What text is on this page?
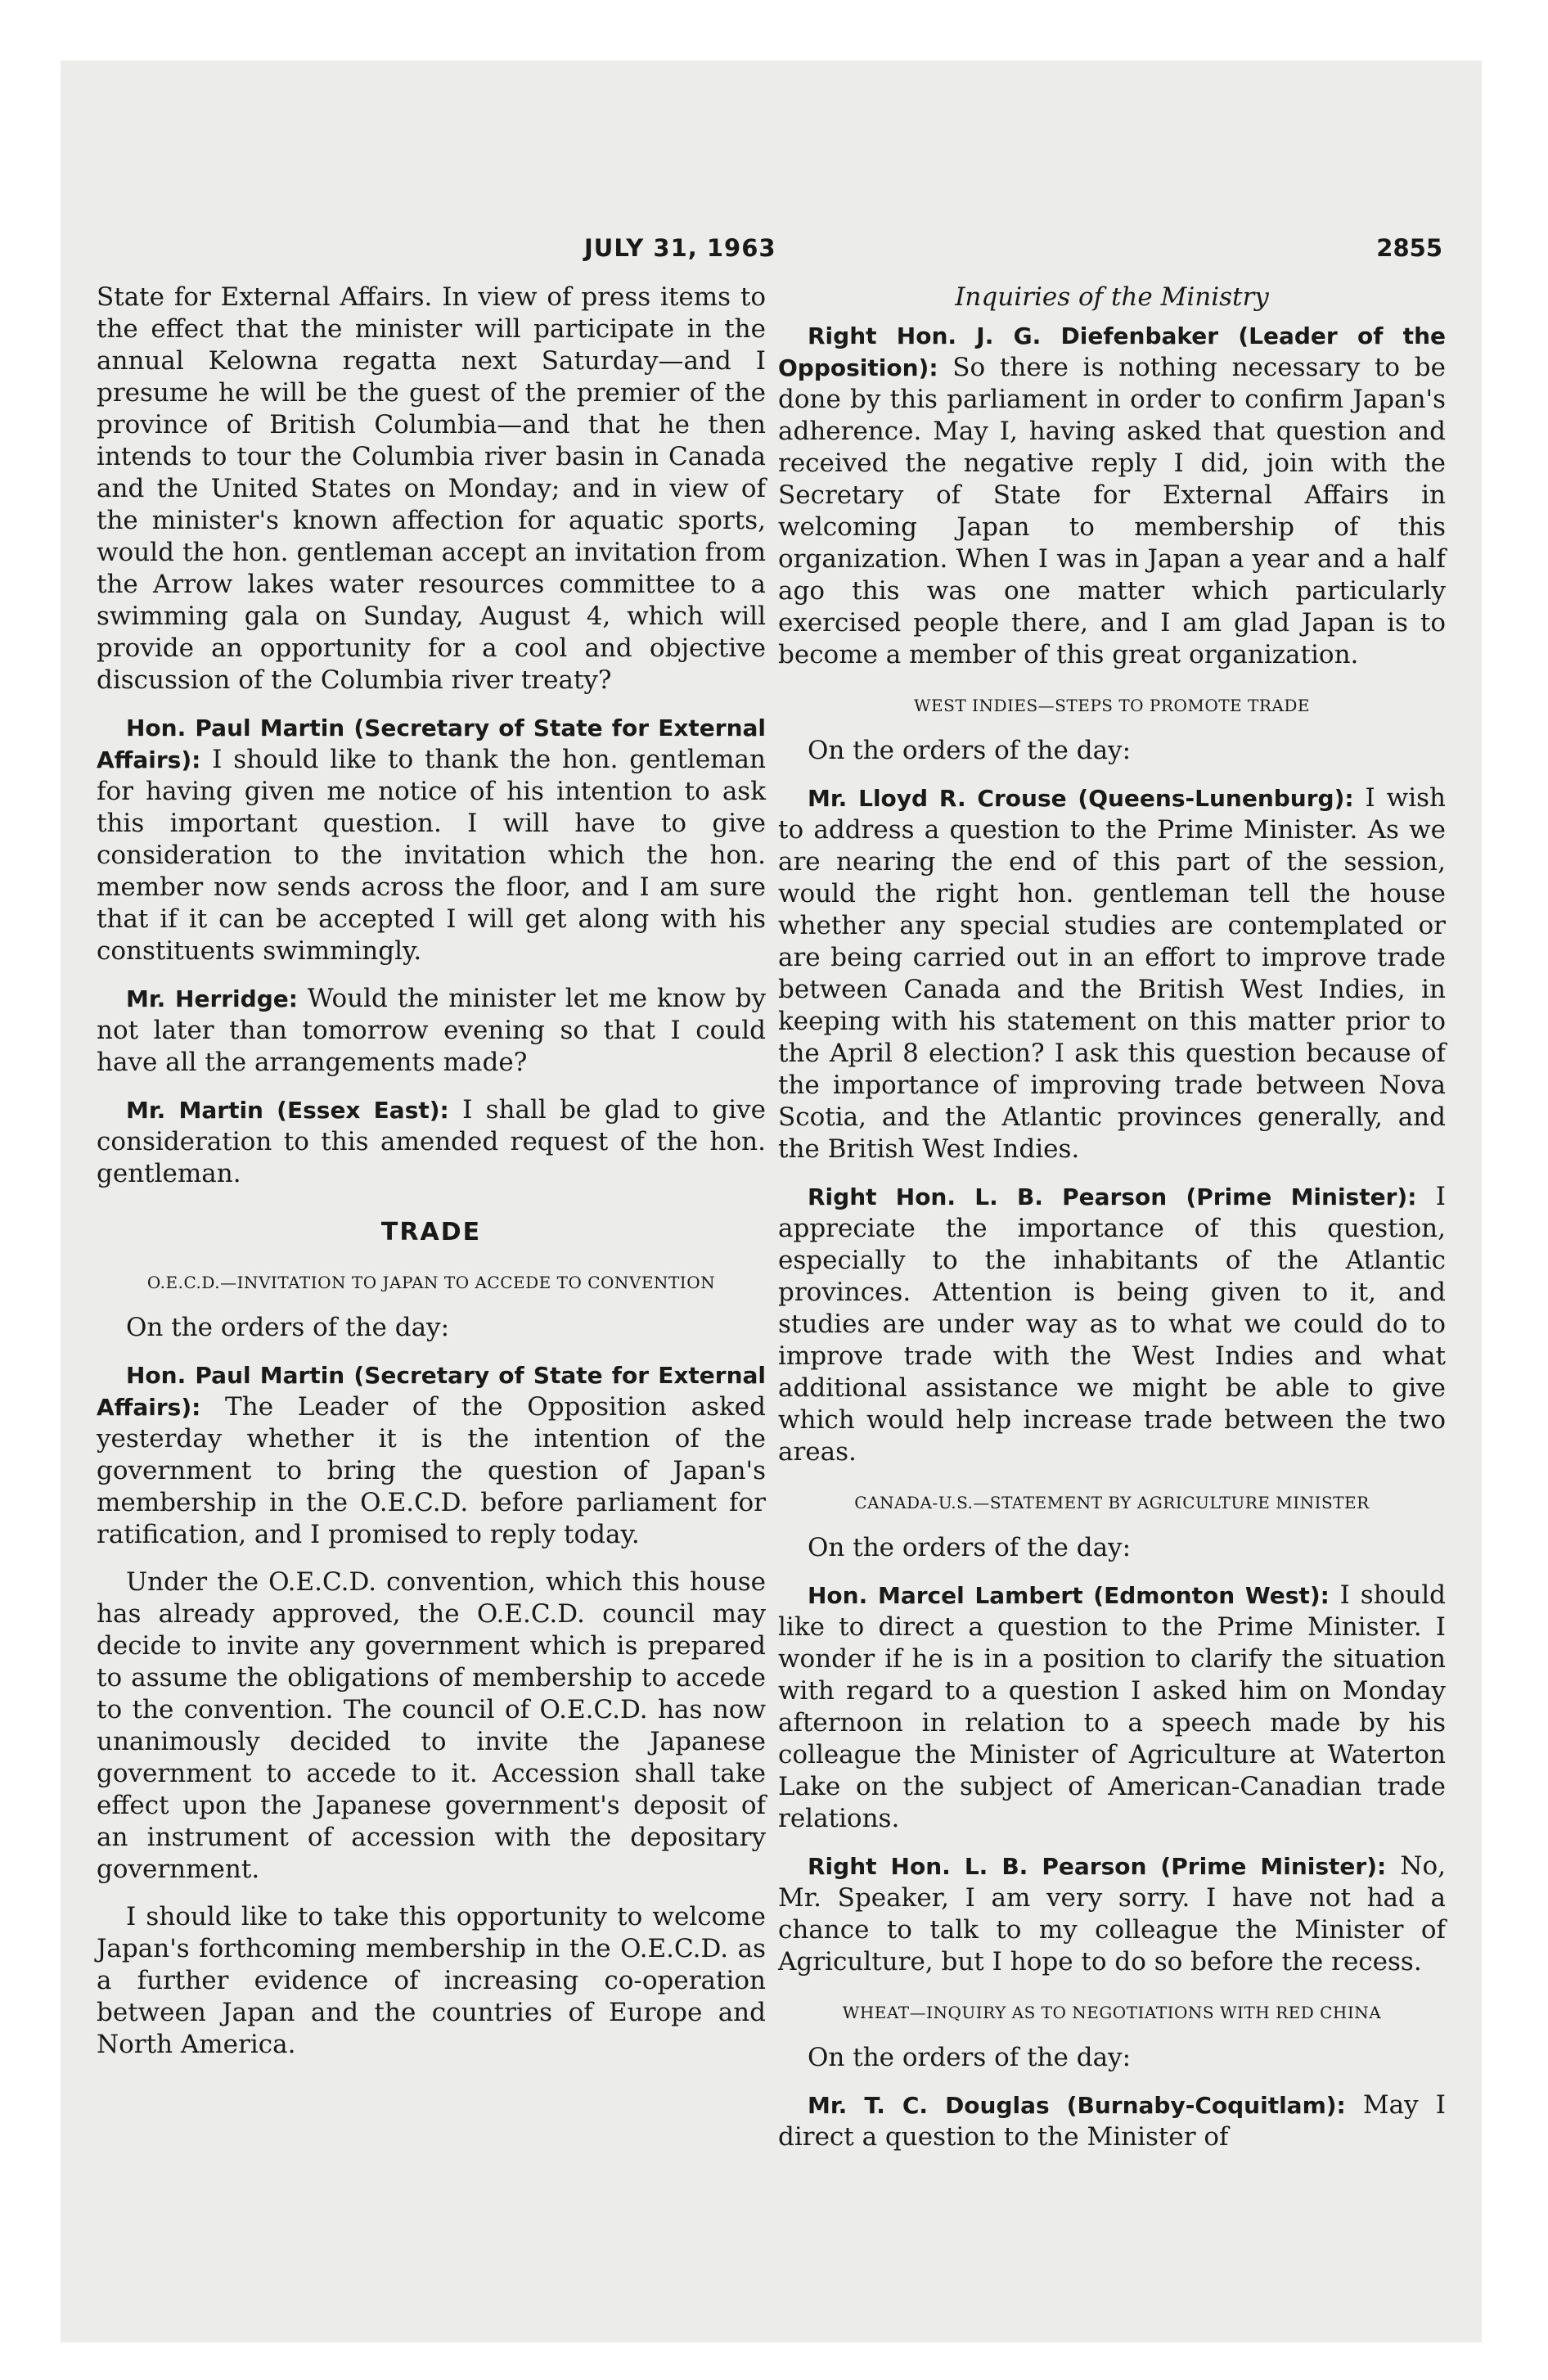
JULY 31, 1963	2855

State for External Affairs. In view of press items to the effect that the minister will participate in the annual Kelowna regatta next Saturday—and I presume he will be the guest of the premier of the province of British Columbia—and that he then intends to tour the Columbia river basin in Canada and the United States on Monday; and in view of the minister's known affection for aquatic sports, would the hon. gentleman accept an invitation from the Arrow lakes water resources committee to a swimming gala on Sunday, August 4, which will provide an opportunity for a cool and objective discussion of the Columbia river treaty?

Hon. Paul Martin (Secretary of State for External Affairs): I should like to thank the hon. gentleman for having given me notice of his intention to ask this important question. I will have to give consideration to the invitation which the hon. member now sends across the floor, and I am sure that if it can be accepted I will get along with his constituents swimmingly.

Mr. Herridge: Would the minister let me know by not later than tomorrow evening so that I could have all the arrangements made?

Mr. Martin (Essex East): I shall be glad to give consideration to this amended request of the hon. gentleman.

TRADE
O.E.C.D.—INVITATION TO JAPAN TO ACCEDE TO CONVENTION

On the orders of the day:

Hon. Paul Martin (Secretary of State for External Affairs): The Leader of the Opposition asked yesterday whether it is the intention of the government to bring the question of Japan's membership in the O.E.C.D. before parliament for ratification, and I promised to reply today.

Under the O.E.C.D. convention, which this house has already approved, the O.E.C.D. council may decide to invite any government which is prepared to assume the obligations of membership to accede to the convention. The council of O.E.C.D. has now unanimously decided to invite the Japanese government to accede to it. Accession shall take effect upon the Japanese government's deposit of an instrument of accession with the depositary government.

I should like to take this opportunity to welcome Japan's forthcoming membership in the O.E.C.D. as a further evidence of increasing co-operation between Japan and the countries of Europe and North America.

Inquiries of the Ministry

Right Hon. J. G. Diefenbaker (Leader of the Opposition): So there is nothing necessary to be done by this parliament in order to confirm Japan's adherence. May I, having asked that question and received the negative reply I did, join with the Secretary of State for External Affairs in welcoming Japan to membership of this organization. When I was in Japan a year and a half ago this was one matter which particularly exercised people there, and I am glad Japan is to become a member of this great organization.

WEST INDIES—STEPS TO PROMOTE TRADE

On the orders of the day:

Mr. Lloyd R. Crouse (Queens-Lunenburg): I wish to address a question to the Prime Minister. As we are nearing the end of this part of the session, would the right hon. gentleman tell the house whether any special studies are contemplated or are being carried out in an effort to improve trade between Canada and the British West Indies, in keeping with his statement on this matter prior to the April 8 election? I ask this question because of the importance of improving trade between Nova Scotia, and the Atlantic provinces generally, and the British West Indies.

Right Hon. L. B. Pearson (Prime Minister): I appreciate the importance of this question, especially to the inhabitants of the Atlantic provinces. Attention is being given to it, and studies are under way as to what we could do to improve trade with the West Indies and what additional assistance we might be able to give which would help increase trade between the two areas.

CANADA-U.S.—STATEMENT BY AGRICULTURE MINISTER

On the orders of the day:

Hon. Marcel Lambert (Edmonton West): I should like to direct a question to the Prime Minister. I wonder if he is in a position to clarify the situation with regard to a question I asked him on Monday afternoon in relation to a speech made by his colleague the Minister of Agriculture at Waterton Lake on the subject of American-Canadian trade relations.

Right Hon. L. B. Pearson (Prime Minister): No, Mr. Speaker, I am very sorry. I have not had a chance to talk to my colleague the Minister of Agriculture, but I hope to do so before the recess.

WHEAT—INQUIRY AS TO NEGOTIATIONS WITH RED CHINA

On the orders of the day:

Mr. T. C. Douglas (Burnaby-Coquitlam): May I direct a question to the Minister of
